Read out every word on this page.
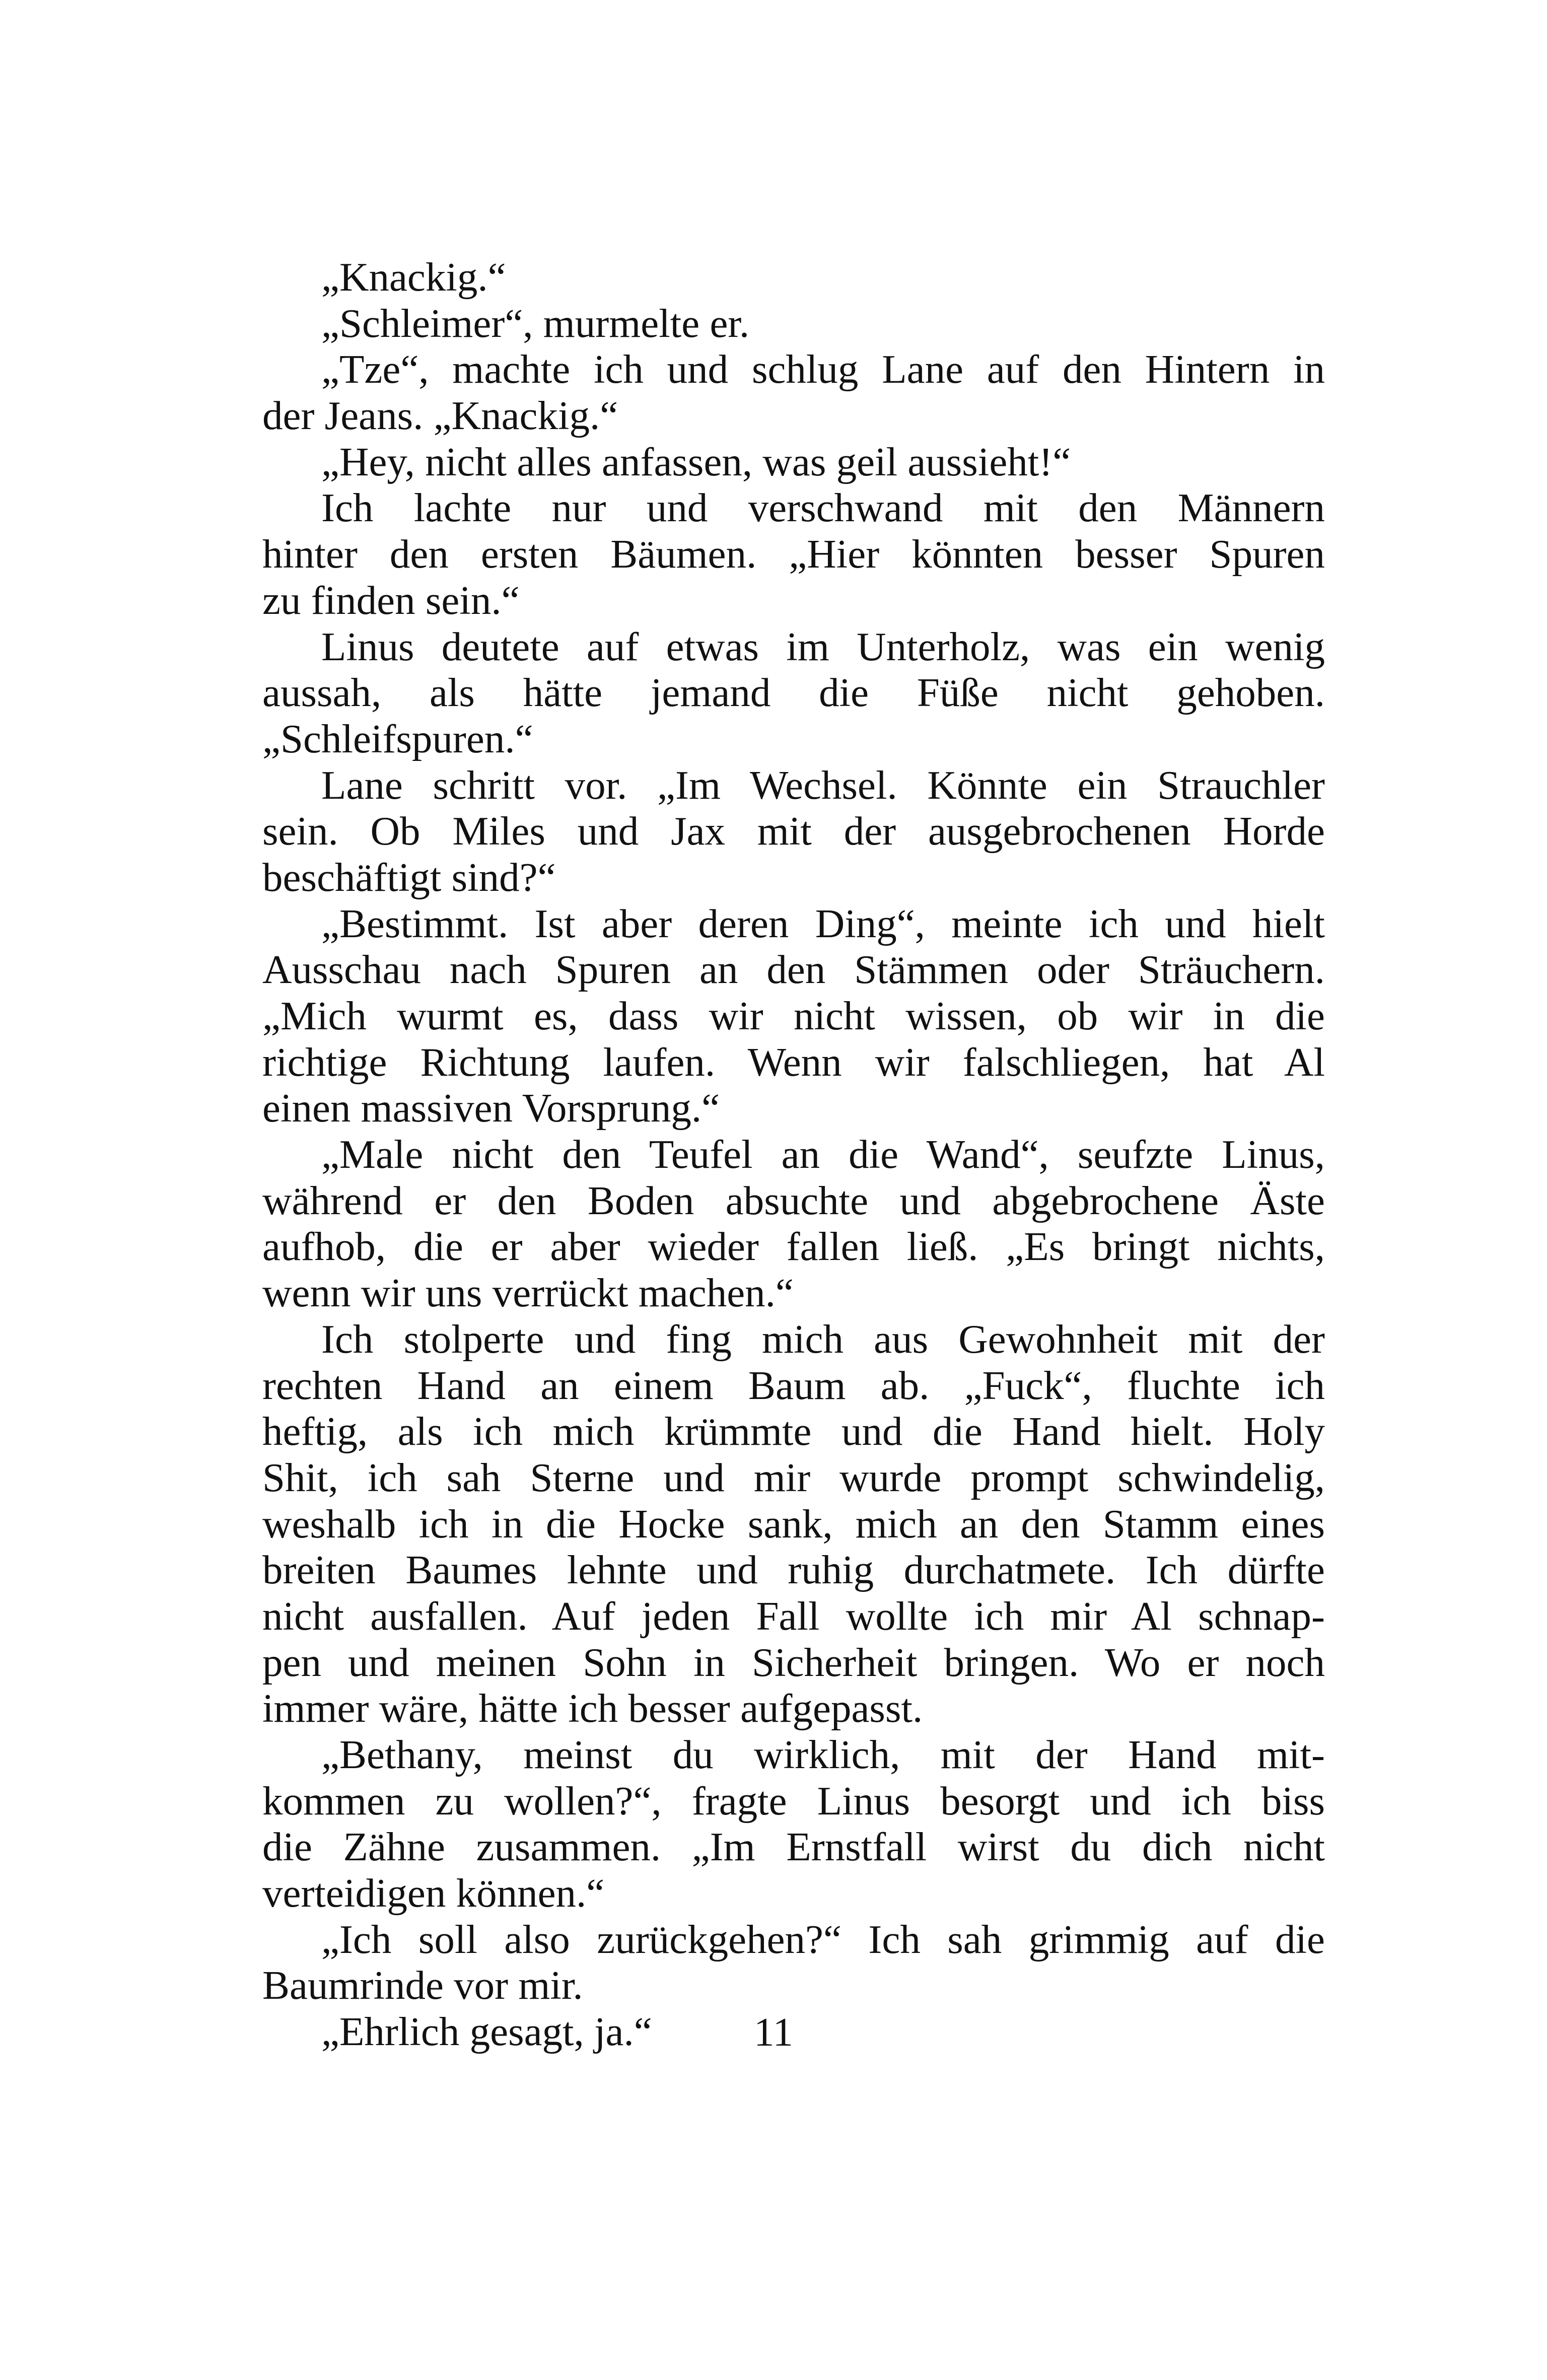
„Knackig.“
„Schleimer“, murmelte er.
„Tze“, machte ich und schlug Lane auf den Hintern in
der Jeans. „Knackig.“
„Hey, nicht alles anfassen, was geil aussieht!“
Ich lachte nur und verschwand mit den Männern
hinter den ersten Bäumen. „Hier könnten besser Spuren
zu finden sein.“
Linus deutete auf etwas im Unterholz, was ein wenig
aussah, als hätte jemand die Füße nicht gehoben.
„Schleifspuren.“
Lane schritt vor. „Im Wechsel. Könnte ein Strauchler
sein. Ob Miles und Jax mit der ausgebrochenen Horde
beschäftigt sind?“
„Bestimmt. Ist aber deren Ding“, meinte ich und hielt
Ausschau nach Spuren an den Stämmen oder Sträuchern.
„Mich wurmt es, dass wir nicht wissen, ob wir in die
richtige Richtung laufen. Wenn wir falschliegen, hat Al
einen massiven Vorsprung.“
„Male nicht den Teufel an die Wand“, seufzte Linus,
während er den Boden absuchte und abgebrochene Äste
aufhob, die er aber wieder fallen ließ. „Es bringt nichts,
wenn wir uns verrückt machen.“
Ich stolperte und fing mich aus Gewohnheit mit der
rechten Hand an einem Baum ab. „Fuck“, fluchte ich
heftig, als ich mich krümmte und die Hand hielt. Holy
Shit, ich sah Sterne und mir wurde prompt schwindelig,
weshalb ich in die Hocke sank, mich an den Stamm eines
breiten Baumes lehnte und ruhig durchatmete. Ich dürfte
nicht ausfallen. Auf jeden Fall wollte ich mir Al schnap-
pen und meinen Sohn in Sicherheit bringen. Wo er noch
immer wäre, hätte ich besser aufgepasst.
„Bethany, meinst du wirklich, mit der Hand mit-
kommen zu wollen?“, fragte Linus besorgt und ich biss
die Zähne zusammen. „Im Ernstfall wirst du dich nicht
verteidigen können.“
„Ich soll also zurückgehen?“ Ich sah grimmig auf die
Baumrinde vor mir.
„Ehrlich gesagt, ja.“	11
